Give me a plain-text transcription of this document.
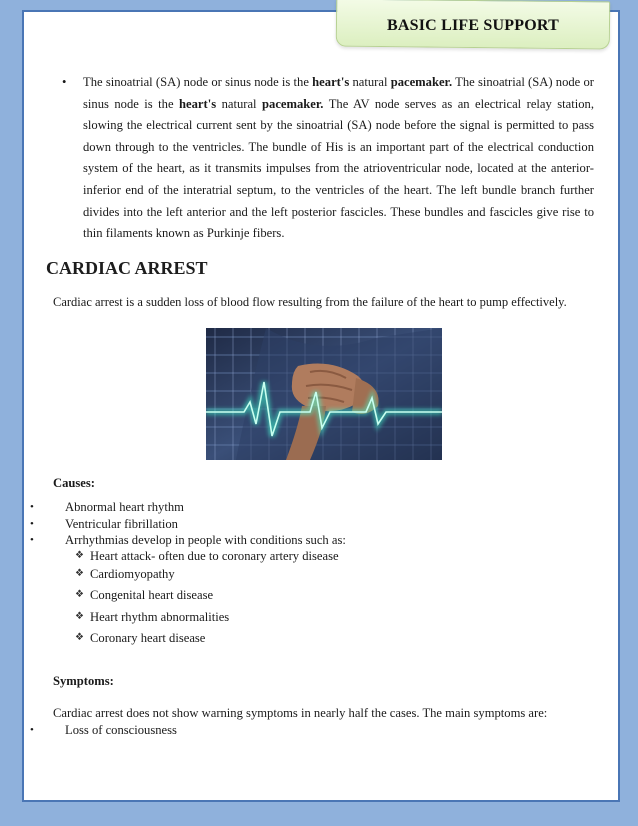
BASIC LIFE SUPPORT
• The sinoatrial (SA) node or sinus node is the heart's natural pacemaker. The sinoatrial (SA) node or sinus node is the heart's natural pacemaker. The AV node serves as an electrical relay station, slowing the electrical current sent by the sinoatrial (SA) node before the signal is permitted to pass down through to the ventricles. The bundle of His is an important part of the electrical conduction system of the heart, as it transmits impulses from the atrioventricular node, located at the anterior- inferior end of the interatrial septum, to the ventricles of the heart. The left bundle branch further divides into the left anterior and the left posterior fascicles. These bundles and fascicles give rise to thin filaments known as Purkinje fibers.
CARDIAC ARREST
Cardiac arrest is a sudden loss of blood flow resulting from the failure of the heart to pump effectively.
Causes:
• Abnormal heart rhythm
• Ventricular fibrillation
• Arrhythmias develop in people with conditions such as:
❖ Heart attack- often due to coronary artery disease
❖ Cardiomyopathy
❖ Congenital heart disease
❖ Heart rhythm abnormalities
❖ Coronary heart disease
Symptoms:
Cardiac arrest does not show warning symptoms in nearly half the cases. The main symptoms are:
• Loss of consciousness
